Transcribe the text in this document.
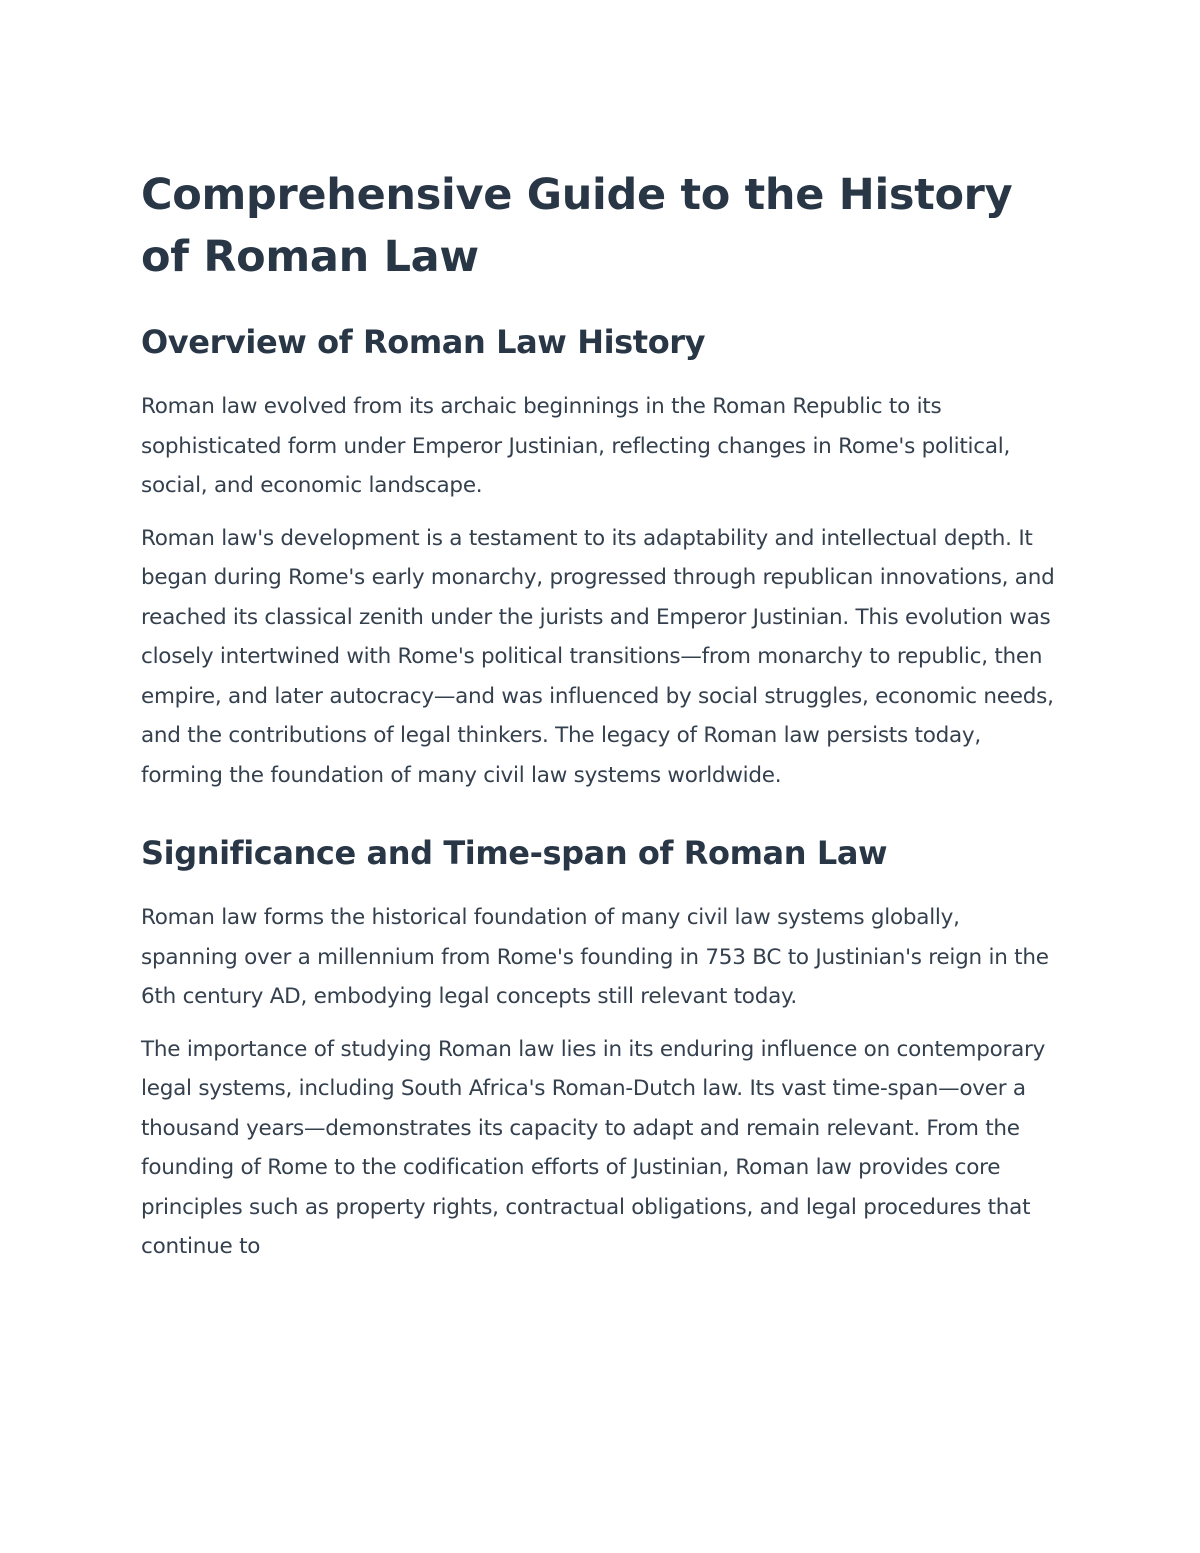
Comprehensive Guide to the History of Roman Law
Overview of Roman Law History

Roman law evolved from its archaic beginnings in the Roman Republic to its sophisticated form under Emperor Justinian, reflecting changes in Rome's political, social, and economic landscape.

Roman law's development is a testament to its adaptability and intellectual depth. It began during Rome's early monarchy, progressed through republican innovations, and reached its classical zenith under the jurists and Emperor Justinian. This evolution was closely intertwined with Rome's political transitions—from monarchy to republic, then empire, and later autocracy—and was influenced by social struggles, economic needs, and the contributions of legal thinkers. The legacy of Roman law persists today, forming the foundation of many civil law systems worldwide.

Significance and Time-span of Roman Law

Roman law forms the historical foundation of many civil law systems globally, spanning over a millennium from Rome's founding in 753 BC to Justinian's reign in the 6th century AD, embodying legal concepts still relevant today.

The importance of studying Roman law lies in its enduring influence on contemporary legal systems, including South Africa's Roman-Dutch law. Its vast time-span—over a thousand years—demonstrates its capacity to adapt and remain relevant. From the founding of Rome to the codification efforts of Justinian, Roman law provides core principles such as property rights, contractual obligations, and legal procedures that continue to
